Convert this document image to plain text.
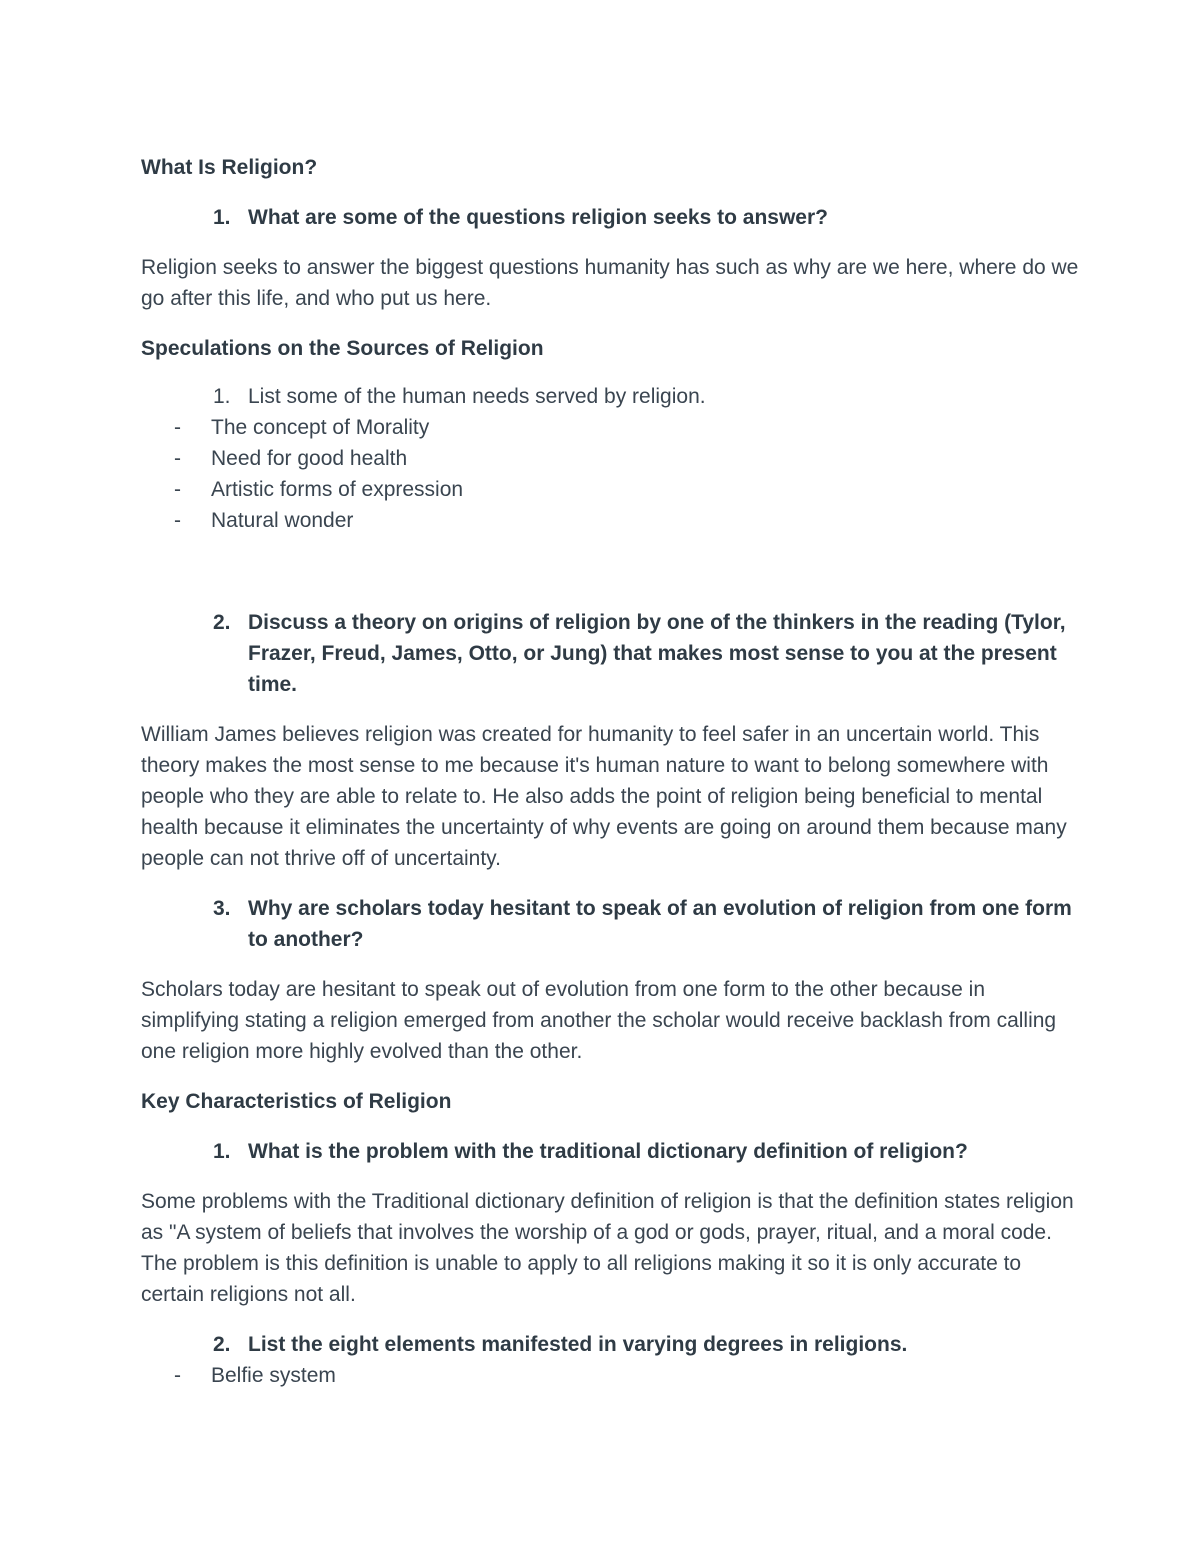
What Is Religion?

1. What are some of the questions religion seeks to answer?

Religion seeks to answer the biggest questions humanity has such as why are we here, where do we go after this life, and who put us here.

Speculations on the Sources of Religion

1. List some of the human needs served by religion.

- The concept of Morality
- Need for good health
- Artistic forms of expression
- Natural wonder

2. Discuss a theory on origins of religion by one of the thinkers in the reading (Tylor, Frazer, Freud, James, Otto, or Jung) that makes most sense to you at the present time.

William James believes religion was created for humanity to feel safer in an uncertain world. This theory makes the most sense to me because it's human nature to want to belong somewhere with people who they are able to relate to. He also adds the point of religion being beneficial to mental health because it eliminates the uncertainty of why events are going on around them because many people can not thrive off of uncertainty.

3. Why are scholars today hesitant to speak of an evolution of religion from one form to another?

Scholars today are hesitant to speak out of evolution from one form to the other because in simplifying stating a religion emerged from another the scholar would receive backlash from calling one religion more highly evolved than the other.

Key Characteristics of Religion

1. What is the problem with the traditional dictionary definition of religion?

Some problems with the Traditional dictionary definition of religion is that the definition states religion as "A system of beliefs that involves the worship of a god or gods, prayer, ritual, and a moral code. The problem is this definition is unable to apply to all religions making it so it is only accurate to certain religions not all.

2. List the eight elements manifested in varying degrees in religions.

- Belfie system
